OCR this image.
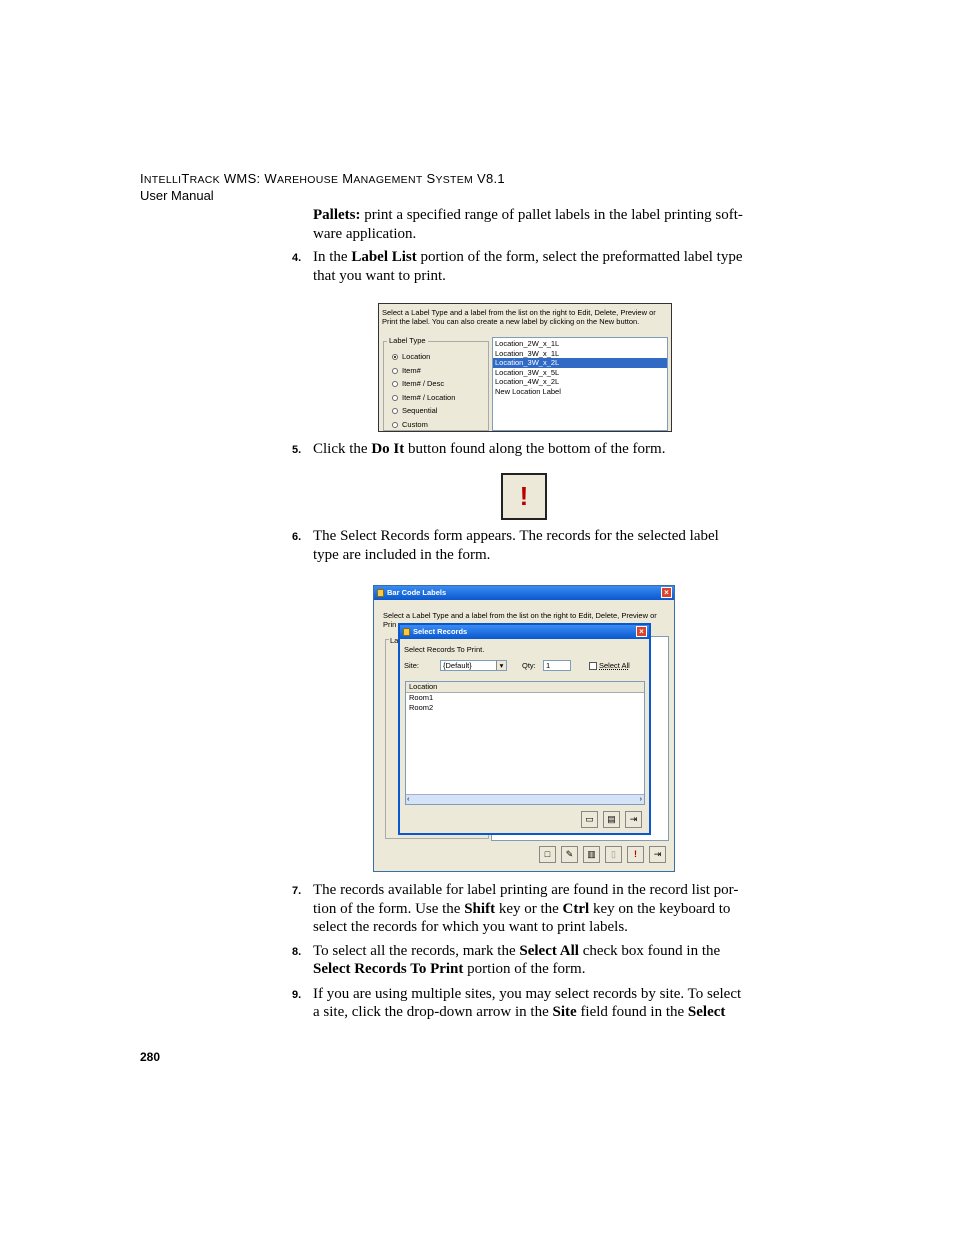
INTELLITRACK WMS: WAREHOUSE MANAGEMENT SYSTEM V8.1
User Manual
Pallets: print a specified range of pallet labels in the label printing soft-
ware application.
4. In the Label List portion of the form, select the preformatted label type
that you want to print.
Select a Label Type and a label from the list on the right to Edit, Delete, Preview or
Print the label. You can also create a new label by clicking on the New button.
Label Type
Location
Item#
Item# / Desc
Item# / Location
Sequential
Custom
Location_2W_x_1L
Location_3W_x_1L
Location_3W_x_2L
Location_3W_x_5L
Location_4W_x_2L
New Location Label
5. Click the Do It button found along the bottom of the form.
!
6. The Select Records form appears. The records for the selected label
type are included in the form.
Bar Code Labels	×
Select a Label Type and a label from the list on the right to Edit, Delete, Preview or
Prin
La
□	✎	▥	▯	!	⇥
Select Records	×
Select Records To Print.
Site:	{Default}	▾	Qty:	1	Select All
Location
Room1
Room2
‹	›
▭	▤	⇥
7. The records available for label printing are found in the record list por-
tion of the form. Use the Shift key or the Ctrl key on the keyboard to
select the records for which you want to print labels.
8. To select all the records, mark the Select All check box found in the
Select Records To Print portion of the form.
9. If you are using multiple sites, you may select records by site. To select
a site, click the drop-down arrow in the Site field found in the Select
280
